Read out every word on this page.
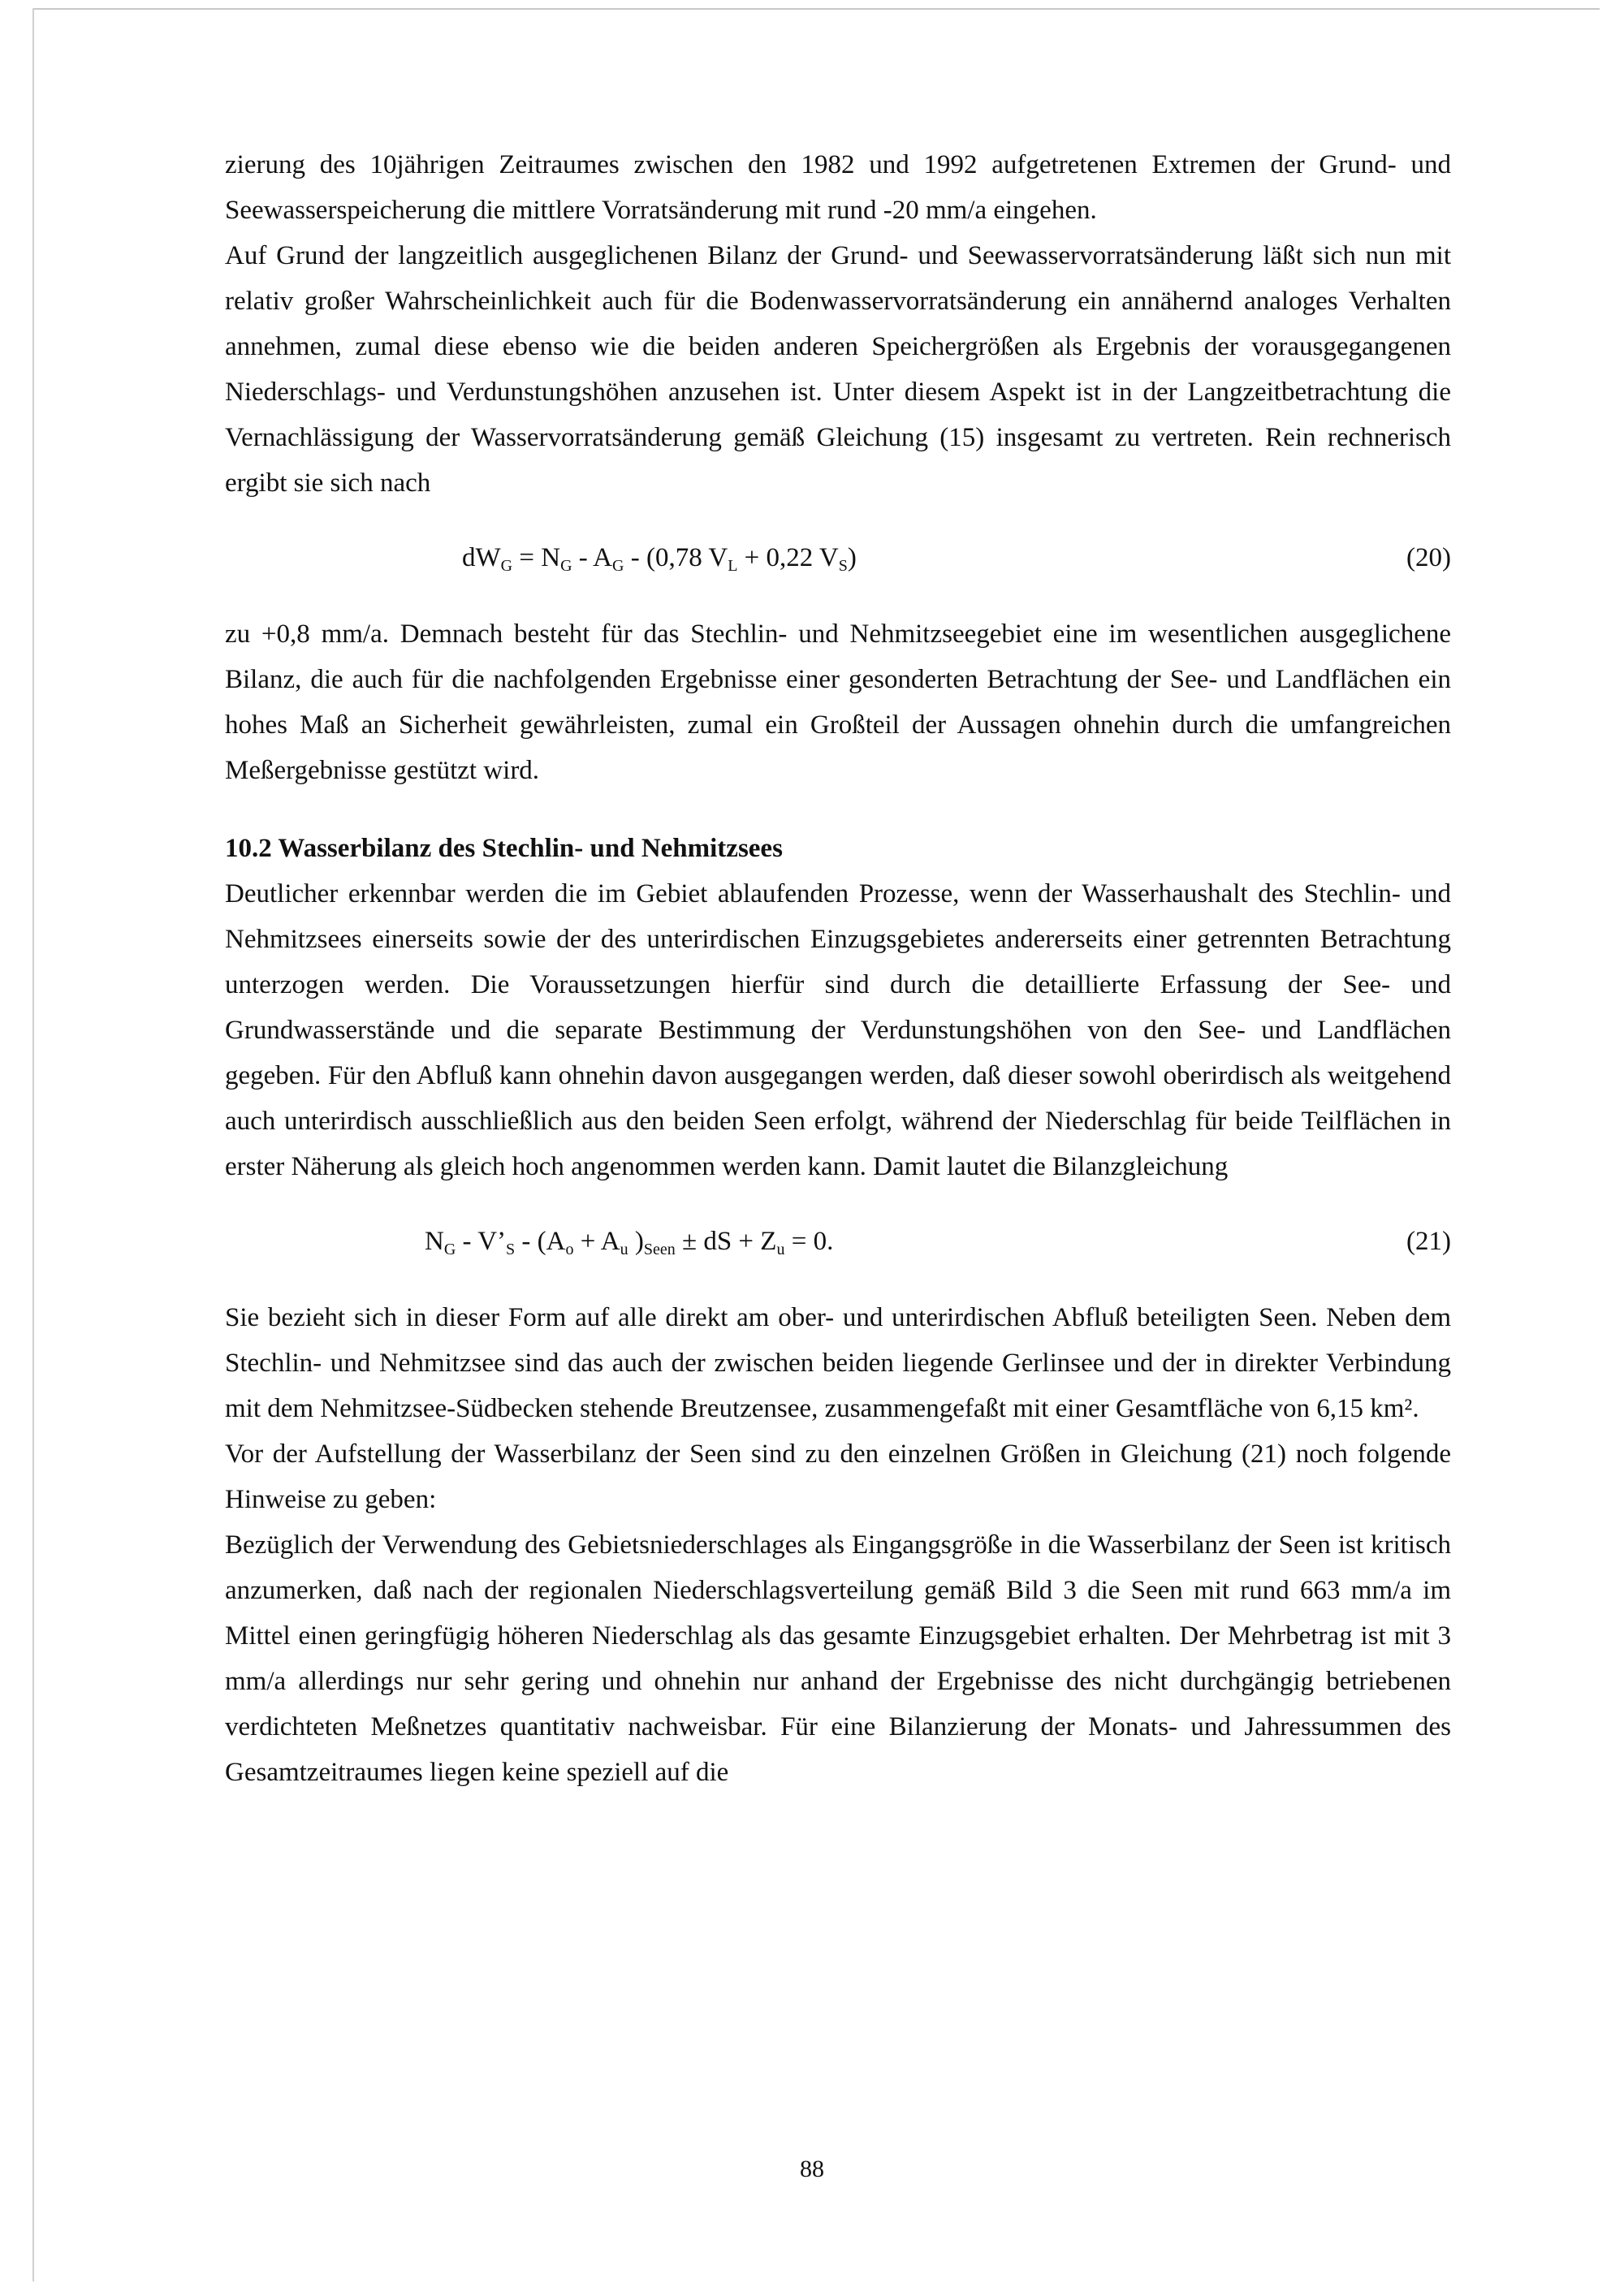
zierung des 10jährigen Zeitraumes zwischen den 1982 und 1992 aufgetretenen Extremen der Grund- und Seewasserspeicherung die mittlere Vorratsänderung mit rund -20 mm/a eingehen.

Auf Grund der langzeitlich ausgeglichenen Bilanz der Grund- und Seewasservorratsänderung läßt sich nun mit relativ großer Wahrscheinlichkeit auch für die Bodenwasservorratsänderung ein annähernd analoges Verhalten annehmen, zumal diese ebenso wie die beiden anderen Speichergrößen als Ergebnis der vorausgegangenen Niederschlags- und Verdunstungshöhen anzusehen ist. Unter diesem Aspekt ist in der Langzeitbetrachtung die Vernachlässigung der Wasservorratsänderung gemäß Gleichung (15) insgesamt zu vertreten. Rein rechnerisch ergibt sie sich nach

$dW_G = N_G - A_G - (0,78$ $V_L + 0,22$ $V_S$)	(20)

zu +0,8 mm/a. Demnach besteht für das Stechlin- und Nehmitzseegebiet eine im wesentlichen ausgeglichene Bilanz, die auch für die nachfolgenden Ergebnisse einer gesonderten Betrachtung der See- und Landflächen ein hohes Maß an Sicherheit gewährleisten, zumal ein Großteil der Aussagen ohnehin durch die umfangreichen Meßergebnisse gestützt wird.

10.2 Wasserbilanz des Stechlin- und Nehmitzsees

Deutlicher erkennbar werden die im Gebiet ablaufenden Prozesse, wenn der Wasserhaushalt des Stechlin- und Nehmitzsees einerseits sowie der des unterirdischen Einzugsgebietes andererseits einer getrennten Betrachtung unterzogen werden. Die Voraussetzungen hierfür sind durch die detaillierte Erfassung der See- und Grundwasserstände und die separate Bestimmung der Verdunstungshöhen von den See- und Landflächen gegeben. Für den Abfluß kann ohnehin davon ausgegangen werden, daß dieser sowohl oberirdisch als weitgehend auch unterirdisch ausschließlich aus den beiden Seen erfolgt, während der Niederschlag für beide Teilflächen in erster Näherung als gleich hoch angenommen werden kann. Damit lautet die Bilanzgleichung

$N_G$ - $V’_S - (A_o + A_u$ )$_{Seen}$ ± dS + $Z_u = 0$.	(21)

Sie bezieht sich in dieser Form auf alle direkt am ober- und unterirdischen Abfluß beteiligten Seen. Neben dem Stechlin- und Nehmitzsee sind das auch der zwischen beiden liegende Gerlinsee und der in direkter Verbindung mit dem Nehmitzsee-Südbecken stehende Breutzensee, zusammengefaßt mit einer Gesamtfläche von 6,15 km².

Vor der Aufstellung der Wasserbilanz der Seen sind zu den einzelnen Größen in Gleichung (21) noch folgende Hinweise zu geben:

Bezüglich der Verwendung des Gebietsniederschlages als Eingangsgröße in die Wasserbilanz der Seen ist kritisch anzumerken, daß nach der regionalen Niederschlagsverteilung gemäß Bild 3 die Seen mit rund 663 mm/a im Mittel einen geringfügig höheren Niederschlag als das gesamte Einzugsgebiet erhalten. Der Mehrbetrag ist mit 3 mm/a allerdings nur sehr gering und ohnehin nur anhand der Ergebnisse des nicht durchgängig betriebenen verdichteten Meßnetzes quantitativ nachweisbar. Für eine Bilanzierung der Monats- und Jahressummen des Gesamtzeitraumes liegen keine speziell auf die

88
